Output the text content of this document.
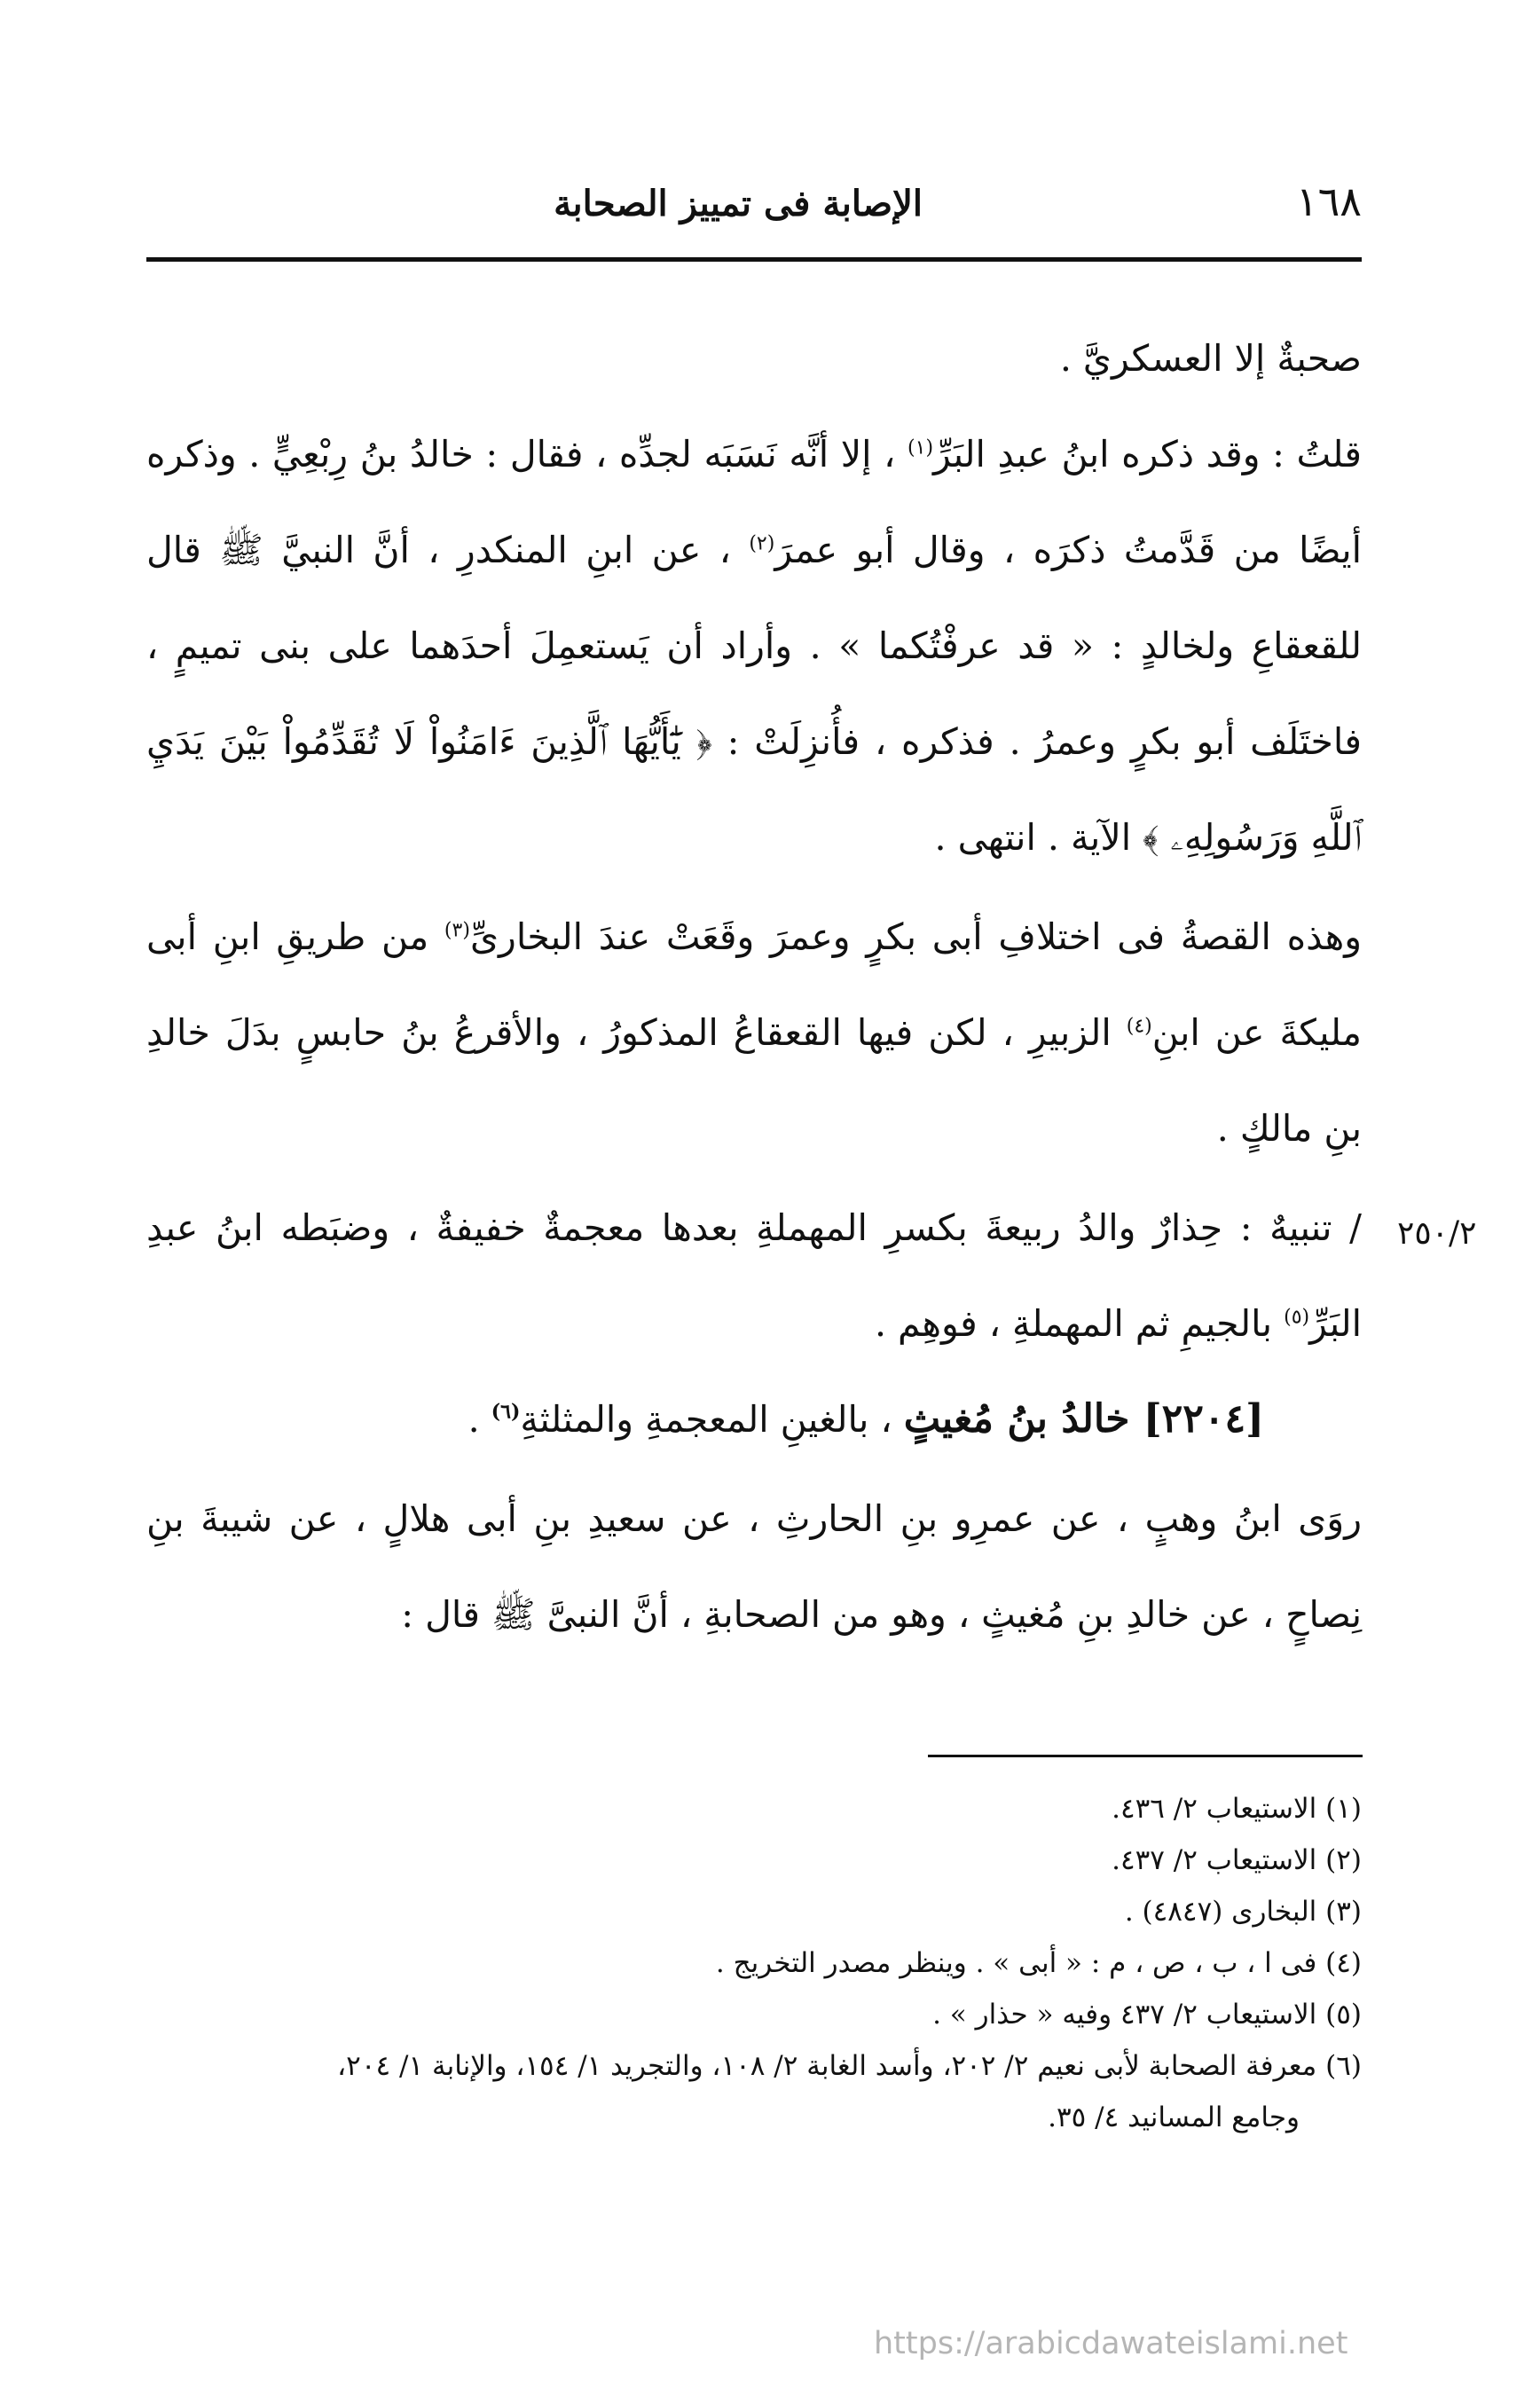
١٦٨
الإصابة فى تمييز الصحابة
٢٥٠/٢

صحبةٌ إلا العسكريَّ .

قلتُ : وقد ذكره ابنُ عبدِ البَرِّ$^{(١)}$ ، إلا أنَّه نَسَبَه لجدِّه ، فقال : خالدُ بنُ رِبْعِيٍّ . وذكره أيضًا من قَدَّمتُ ذكرَه ، وقال أبو عمرَ$^{(٢)}$ ، عن ابنِ المنكدرِ ، أنَّ النبيَّ ﷺ قال للقعقاعِ ولخالدٍ : « قد عرفْتُكما » . وأراد أن يَستعمِلَ أحدَهما على بنى تميمٍ ، فاختَلَف أبو بكرٍ وعمرُ . فذكره ، فأُنزِلَتْ : ﴿ يَٰٓأَيُّهَا ٱلَّذِينَ ءَامَنُواْ لَا تُقَدِّمُواْ بَيْنَ يَدَيِ ٱللَّهِ وَرَسُولِهِۦ ﴾ الآية . انتهى .

وهذه القصةُ فى اختلافِ أبى بكرٍ وعمرَ وقَعَتْ عندَ البخارىِّ$^{(٣)}$ من طريقِ ابنِ أبى مليكةَ عن ابنِ$^{(٤)}$ الزبيرِ ، لكن فيها القعقاعُ المذكورُ ، والأقرعُ بنُ حابسٍ بدَلَ خالدِ بنِ مالكٍ .

/ تنبيهٌ : حِذارٌ والدُ ربيعةَ بكسرِ المهملةِ بعدها معجمةٌ خفيفةٌ ، وضبَطه ابنُ عبدِ البَرِّ$^{(٥)}$ بالجيمِ ثم المهملةِ ، فوهِم .

[٢٢٠٤] خالدُ بنُ مُغيثٍ ، بالغينِ المعجمةِ والمثلثةِ$^{(٦)}$ .

روَى ابنُ وهبٍ ، عن عمرِو بنِ الحارثِ ، عن سعيدِ بنِ أبى هلالٍ ، عن شيبةَ بنِ نِصاحٍ ، عن خالدِ بنِ مُغيثٍ ، وهو من الصحابةِ ، أنَّ النبىَّ ﷺ قال :

(١) الاستيعاب ٢/ ٤٣٦.

(٢) الاستيعاب ٢/ ٤٣٧.

(٣) البخارى (٤٨٤٧) .

(٤) فى ا ، ب ، ص ، م : « أبى » . وينظر مصدر التخريج .

(٥) الاستيعاب ٢/ ٤٣٧ وفيه « حذار » .

(٦) معرفة الصحابة لأبى نعيم ٢/ ٢٠٢، وأسد الغابة ٢/ ١٠٨، والتجريد ١/ ١٥٤، والإنابة ١/ ٢٠٤،

وجامع المسانيد ٤/ ٣٥.

https://arabicdawateislami.net
